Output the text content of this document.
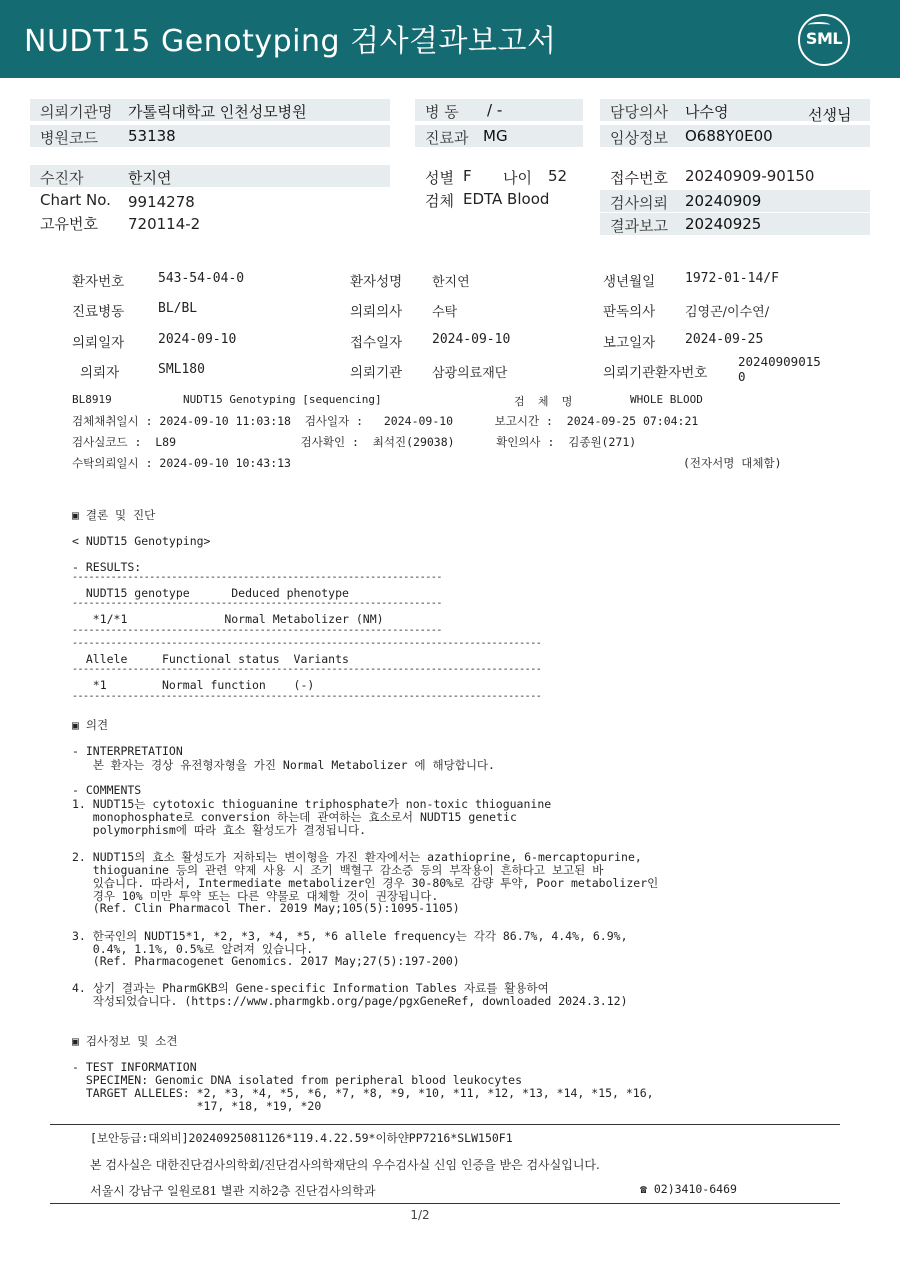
NUDT15 Genotyping 검사결과보고서	SML
의뢰기관명 가톨릭대학교 인천성모병원
병원코드 53138
병 동 / -
진료과 MG
담당의사 나수영	선생님
임상정보 O688Y0E00
수진자	한지연
Chart No. 9914278
고유번호 720114-2
성별 F 나이 52
검체 EDTA Blood
접수번호 20240909-90150
검사의뢰 20240909
결과보고 20240925
환자번호	543-54-04-0	환자성명 한지연	생년월일 1972-01-14/F
진료병동	BL/BL	의뢰의사 수탁	판독의사 김영곤/이수연/
의뢰일자	2024-09-10	접수일자 2024-09-10	보고일자 2024-09-25
의뢰자	SML180	의뢰기관 삼광의료재단	의뢰기관환자번호
20240909015
0
BL8919	NUDT15 Genotyping [sequencing]	검  체  명	WHOLE BLOOD
검체채취일시 : 2024-09-10 11:03:18  검사일자 :   2024-09-10      보고시간 :  2024-09-25 07:04:21
검사실코드 :  L89                  검사확인 :  최석진(29038)      확인의사 :  김종원(271)
수탁의뢰일시 : 2024-09-10 10:43:13	(전자서명 대체함)
▣ 결론 및 진단
< NUDT15 Genotyping>
- RESULTS:
-------------------------------------------------------------------
NUDT15 genotype      Deduced phenotype
-------------------------------------------------------------------
*1/*1              Normal Metabolizer (NM)
-------------------------------------------------------------------
-------------------------------------------------------------------------------------
Allele     Functional status  Variants
-------------------------------------------------------------------------------------
*1        Normal function    (-)
-------------------------------------------------------------------------------------
▣ 의견
- INTERPRETATION
본 환자는 경상 유전형자형을 가진 Normal Metabolizer 에 해당합니다.
- COMMENTS
1. NUDT15는 cytotoxic thioguanine triphosphate가 non-toxic thioguanine
monophosphate로 conversion 하는데 관여하는 효소로서 NUDT15 genetic
polymorphism에 따라 효소 활성도가 결정됩니다.
2. NUDT15의 효소 활성도가 저하되는 변이형을 가진 환자에서는 azathioprine, 6-mercaptopurine,
thioguanine 등의 관련 약제 사용 시 조기 백혈구 감소증 등의 부작용이 흔하다고 보고된 바
있습니다. 따라서, Intermediate metabolizer인 경우 30-80%로 감량 투약, Poor metabolizer인
경우 10% 미만 투약 또는 다른 약물로 대체할 것이 권장됩니다.
(Ref. Clin Pharmacol Ther. 2019 May;105(5):1095-1105)
3. 한국인의 NUDT15*1, *2, *3, *4, *5, *6 allele frequency는 각각 86.7%, 4.4%, 6.9%,
0.4%, 1.1%, 0.5%로 알려져 있습니다.
(Ref. Pharmacogenet Genomics. 2017 May;27(5):197-200)
4. 상기 결과는 PharmGKB의 Gene-specific Information Tables 자료를 활용하여
작성되었습니다. (https://www.pharmgkb.org/page/pgxGeneRef, downloaded 2024.3.12)
▣ 검사정보 및 소견
- TEST INFORMATION
SPECIMEN: Genomic DNA isolated from peripheral blood leukocytes
TARGET ALLELES: *2, *3, *4, *5, *6, *7, *8, *9, *10, *11, *12, *13, *14, *15, *16,
*17, *18, *19, *20
[보안등급:대외비]20240925081126*119.4.22.59*이하얀PP7216*SLW150F1
본 검사실은 대한진단검사의학회/진단검사의학재단의 우수검사실 신임 인증을 받은 검사실입니다.
서울시 강남구 일원로81 별관 지하2층 진단검사의학과	☎ 02)3410-6469
1/2
